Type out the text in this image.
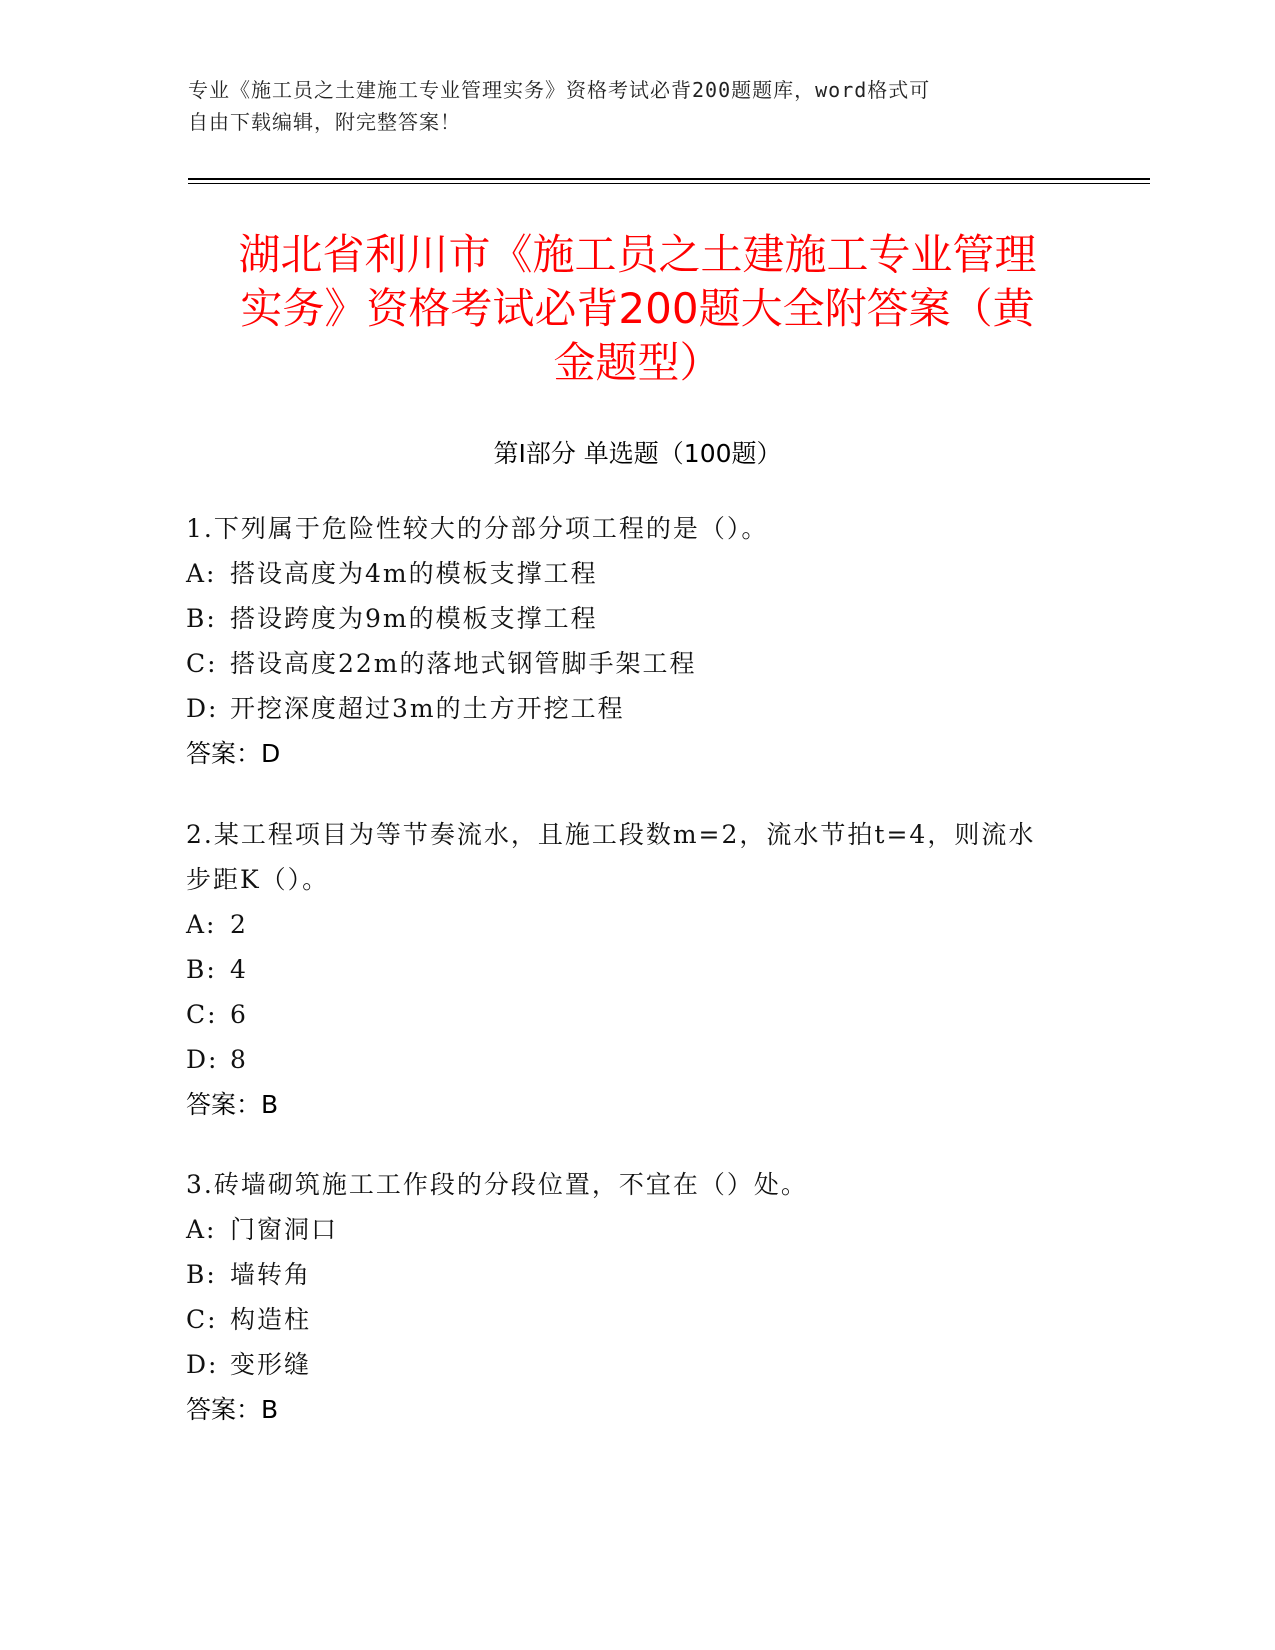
专业《施工员之土建施工专业管理实务》资格考试必背200题题库，word格式可
自由下载编辑，附完整答案！
湖北省利川市《施工员之土建施工专业管理
实务》资格考试必背200题大全附答案（黄
金题型）
第Ⅰ部分 单选题（100题）
1.下列属于危险性较大的分部分项工程的是（）。
A: 搭设高度为4m的模板支撑工程
B: 搭设跨度为9m的模板支撑工程
C: 搭设高度22m的落地式钢管脚手架工程
D: 开挖深度超过3m的土方开挖工程
答案：D
2.某工程项目为等节奏流水，且施工段数m=2，流水节拍t=4，则流水
步距K（）。
A: 2
B: 4
C: 6
D: 8
答案：B
3.砖墙砌筑施工工作段的分段位置，不宜在（）处。
A: 门窗洞口
B: 墙转角
C: 构造柱
D: 变形缝
答案：B
